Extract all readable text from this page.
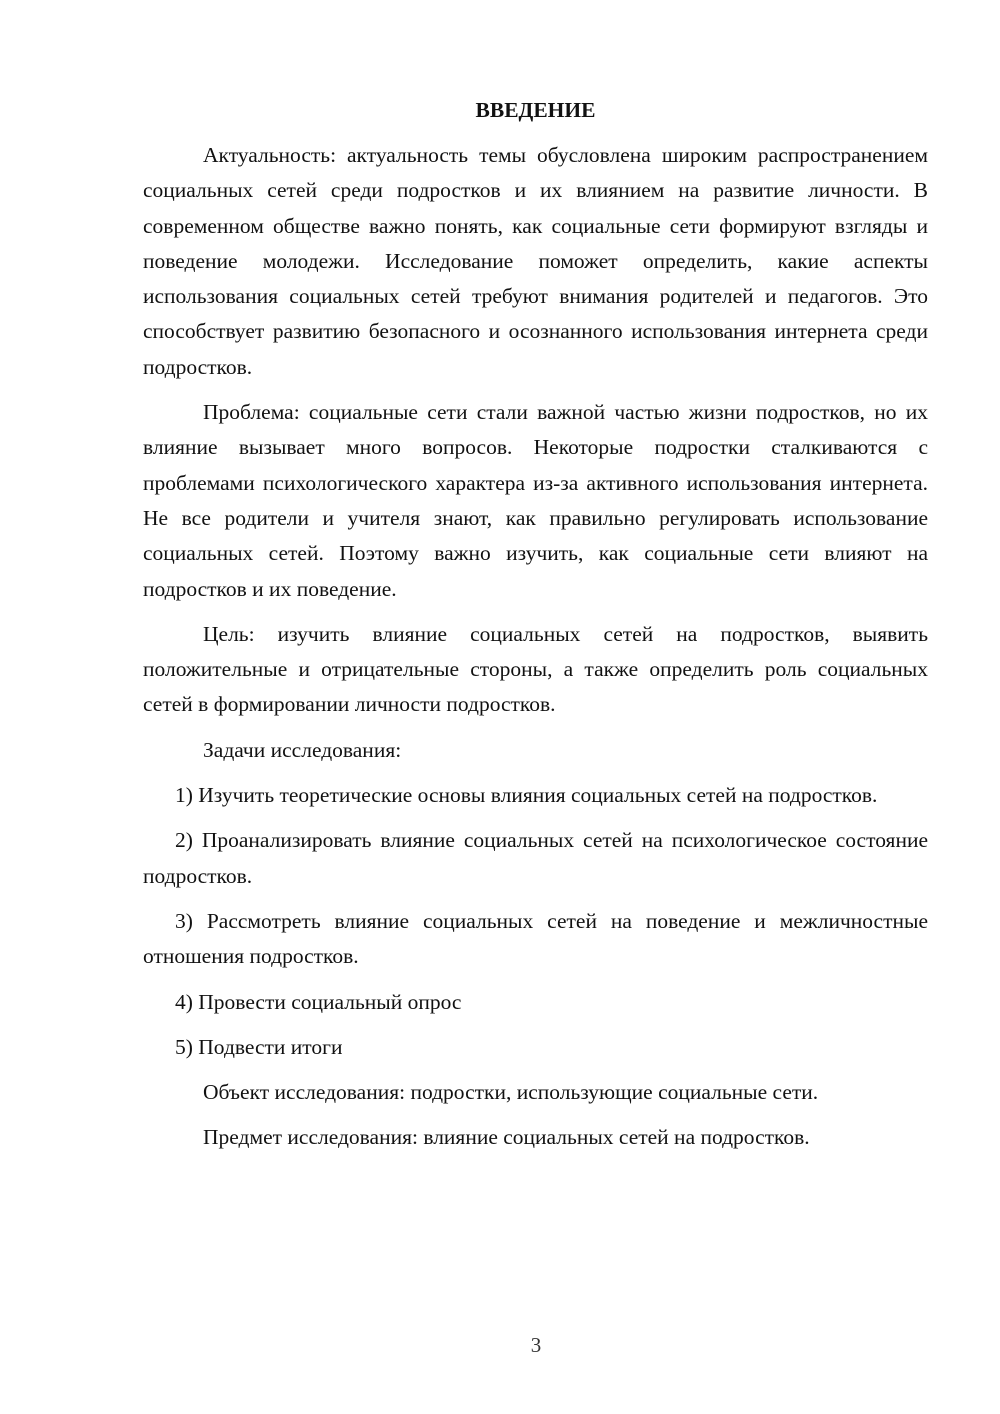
ВВЕДЕНИЕ

Актуальность: актуальность темы обусловлена широким распространением социальных сетей среди подростков и их влиянием на развитие личности. В современном обществе важно понять, как социальные сети формируют взгляды и поведение молодежи. Исследование поможет определить, какие аспекты использования социальных сетей требуют внимания родителей и педагогов. Это способствует развитию безопасного и осознанного использования интернета среди подростков.

Проблема: социальные сети стали важной частью жизни подростков, но их влияние вызывает много вопросов. Некоторые подростки сталкиваются с проблемами психологического характера из-за активного использования интернета. Не все родители и учителя знают, как правильно регулировать использование социальных сетей. Поэтому важно изучить, как социальные сети влияют на подростков и их поведение.

Цель: изучить влияние социальных сетей на подростков, выявить положительные и отрицательные стороны, а также определить роль социальных сетей в формировании личности подростков.

Задачи исследования:

1) Изучить теоретические основы влияния социальных сетей на подростков.

2) Проанализировать влияние социальных сетей на психологическое состояние подростков.

3) Рассмотреть влияние социальных сетей на поведение и межличностные отношения подростков.

4) Провести социальный опрос

5) Подвести итоги

Объект исследования: подростки, использующие социальные сети.

Предмет исследования: влияние социальных сетей на подростков.

3
